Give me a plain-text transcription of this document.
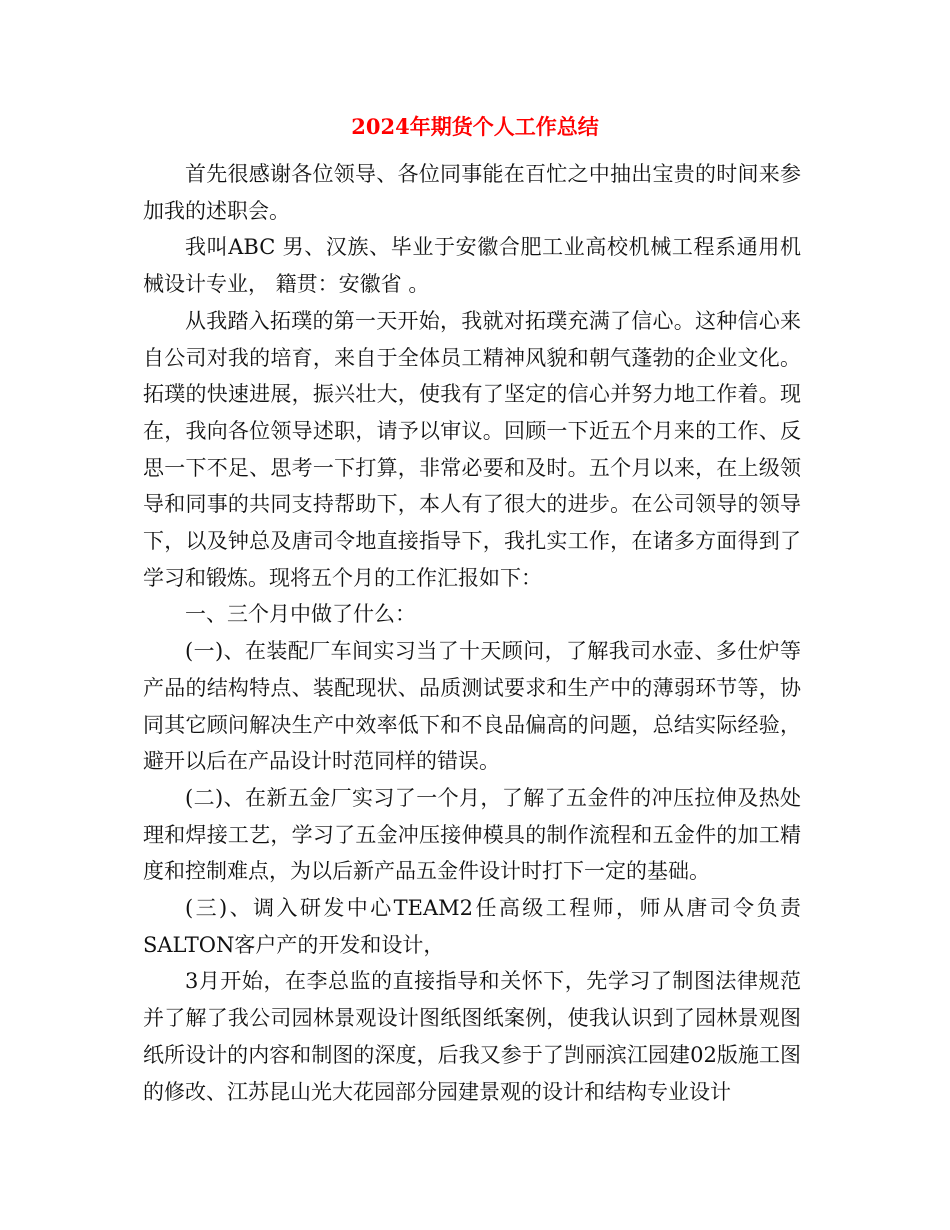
2024年期货个人工作总结

首先很感谢各位领导、各位同事能在百忙之中抽出宝贵的时间来参加我的述职会。

我叫ABC 男、汉族、毕业于安徽合肥工业高校机械工程系通用机械设计专业， 籍贯：安徽省 。

从我踏入拓璞的第一天开始，我就对拓璞充满了信心。这种信心来自公司对我的培育，来自于全体员工精神风貌和朝气蓬勃的企业文化。拓璞的快速进展，振兴壮大，使我有了坚定的信心并努力地工作着。现在，我向各位领导述职，请予以审议。回顾一下近五个月来的工作、反思一下不足、思考一下打算，非常必要和及时。五个月以来，在上级领导和同事的共同支持帮助下，本人有了很大的进步。在公司领导的领导下，以及钟总及唐司令地直接指导下，我扎实工作，在诸多方面得到了学习和锻炼。现将五个月的工作汇报如下：

一、三个月中做了什么：

(一)、在装配厂车间实习当了十天顾问，了解我司水壶、多仕炉等产品的结构特点、装配现状、品质测试要求和生产中的薄弱环节等，协同其它顾问解决生产中效率低下和不良品偏高的问题，总结实际经验，避开以后在产品设计时范同样的错误。

(二)、在新五金厂实习了一个月，了解了五金件的冲压拉伸及热处理和焊接工艺，学习了五金冲压接伸模具的制作流程和五金件的加工精度和控制难点，为以后新产品五金件设计时打下一定的基础。

(三)、调入研发中心TEAM2任高级工程师，师从唐司令负责SALTON客户产的开发和设计，

3月开始，在李总监的直接指导和关怀下，先学习了制图法律规范并了解了我公司园林景观设计图纸图纸案例，使我认识到了园林景观图纸所设计的内容和制图的深度，后我又参于了剀丽滨江园建02版施工图的修改、江苏昆山光大花园部分园建景观的设计和结构专业设计
